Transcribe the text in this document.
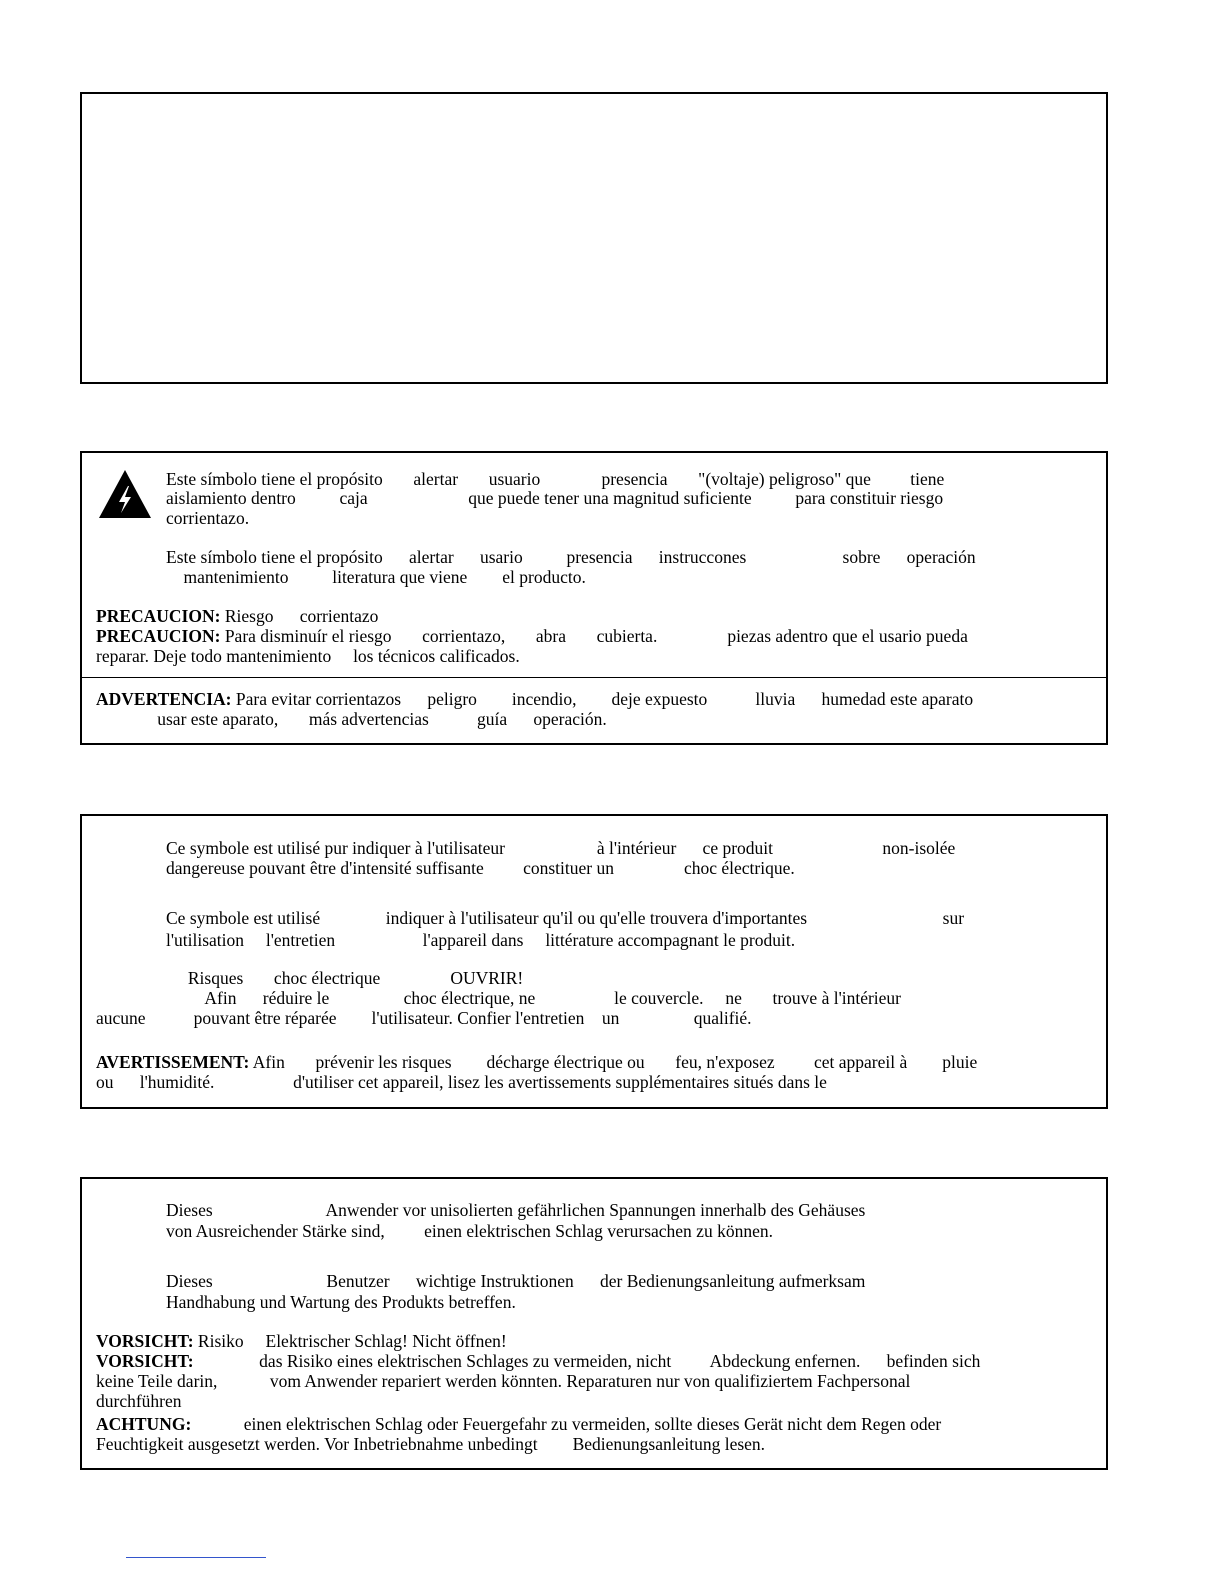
Este símbolo tiene el propósito       alertar       usuario              presencia       "(voltaje) peligroso" que         tiene
aislamiento dentro          caja                       que puede tener una magnitud suficiente          para constituir riesgo
corrientazo.
Este símbolo tiene el propósito      alertar      usario          presencia      instruccones                      sobre      operación
mantenimiento          literatura que viene        el producto.
PRECAUCION: Riesgo      corrientazo
PRECAUCION: Para disminuír el riesgo       corrientazo,       abra       cubierta.                piezas adentro que el usario pueda
reparar. Deje todo mantenimiento     los técnicos calificados.
ADVERTENCIA: Para evitar corrientazos      peligro        incendio,        deje expuesto           lluvia      humedad este aparato
usar este aparato,       más advertencias           guía      operación.
Ce symbole est utilisé pur indiquer à l'utilisateur                     à l'intérieur      ce produit                         non-isolée
dangereuse pouvant être d'intensité suffisante         constituer un                choc électrique.
Ce symbole est utilisé               indiquer à l'utilisateur qu'il ou qu'elle trouvera d'importantes                               sur
l'utilisation     l'entretien                    l'appareil dans     littérature accompagnant le produit.
Risques       choc électrique                OUVRIR!
Afin      réduire le                 choc électrique, ne                  le couvercle.     ne       trouve à l'intérieur
aucune           pouvant être réparée        l'utilisateur. Confier l'entretien    un                 qualifié.
AVERTISSEMENT: Afin       prévenir les risques        décharge électrique ou       feu, n'exposez         cet appareil à        pluie
ou      l'humidité.                  d'utiliser cet appareil, lisez les avertissements supplémentaires situés dans le
Dieses                          Anwender vor unisolierten gefährlichen Spannungen innerhalb des Gehäuses
von Ausreichender Stärke sind,         einen elektrischen Schlag verursachen zu können.
Dieses                          Benutzer      wichtige Instruktionen      der Bedienungsanleitung aufmerksam
Handhabung und Wartung des Produkts betreffen.
VORSICHT: Risiko     Elektrischer Schlag! Nicht öffnen!
VORSICHT:               das Risiko eines elektrischen Schlages zu vermeiden, nicht         Abdeckung enfernen.      befinden sich
keine Teile darin,            vom Anwender repariert werden könnten. Reparaturen nur von qualifiziertem Fachpersonal
durchführen
ACHTUNG:            einen elektrischen Schlag oder Feuergefahr zu vermeiden, sollte dieses Gerät nicht dem Regen oder
Feuchtigkeit ausgesetzt werden. Vor Inbetriebnahme unbedingt        Bedienungsanleitung lesen.
